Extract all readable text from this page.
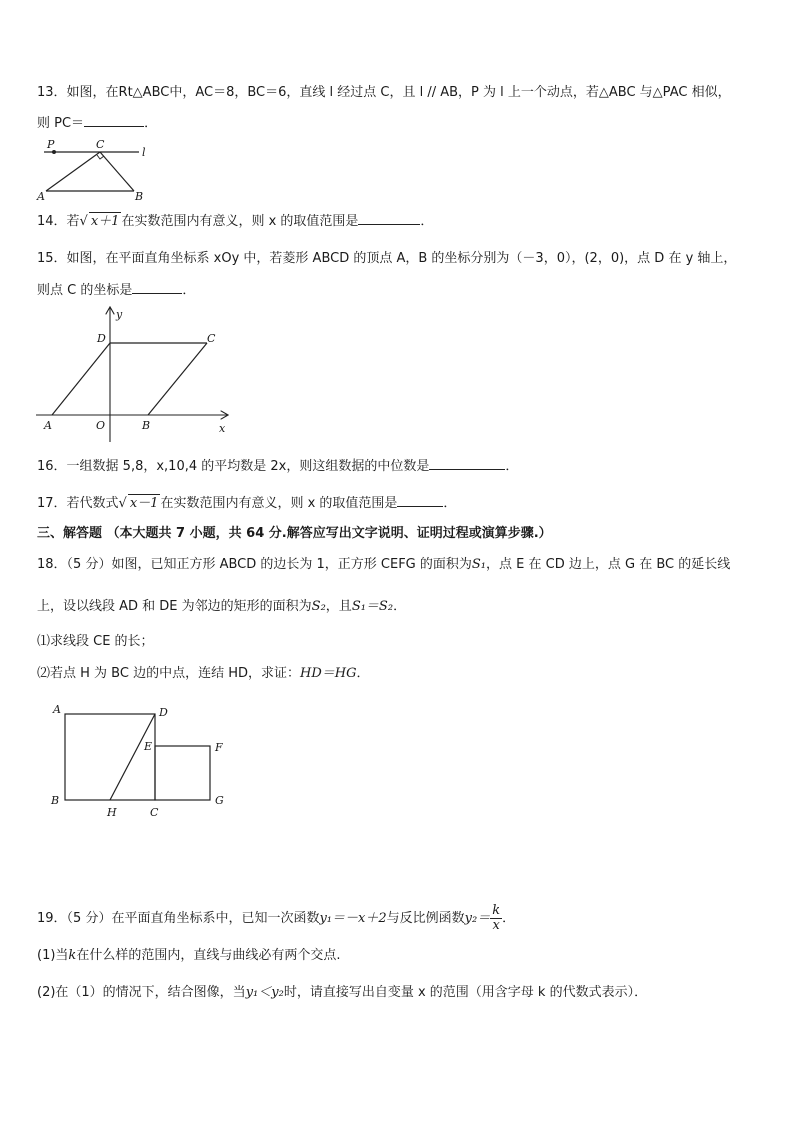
13．如图，在Rt△ABC中，AC＝8，BC＝6，直线 l 经过点 C，且 l // AB，P 为 l 上一个动点，若△ABC 与△PAC 相似，
则 PC＝	．
P	C
l
A	B
14．若√ x＋1 在实数范围内有意义，则 x 的取值范围是	．
15．如图，在平面直角坐标系 xOy 中，若菱形 ABCD 的顶点 A，B 的坐标分别为（－3，0），(2，0)，点 D 在 y 轴上，
则点 C 的坐标是	．
y
D	C
A	O	B	x
16．一组数据 5,8，x,10,4 的平均数是 2x，则这组数据的中位数是	．
17．若代数式√ x－1 在实数范围内有意义，则 x 的取值范围是	．
三、解答题 （本大题共 7 小题，共 64 分.解答应写出文字说明、证明过程或演算步骤.）
18．（5 分）如图，已知正方形 ABCD 的边长为 1，正方形 CEFG 的面积为S₁，点 E 在 CD 边上，点 G 在 BC 的延长线
上，设以线段 AD 和 DE 为邻边的矩形的面积为S₂，且S₁＝S₂．
⑴求线段 CE 的长；
⑵若点 H 为 BC 边的中点，连结 HD，求证：HD＝HG．
A	D
E	F
B
H	C
G
19．（5 分）在平面直角坐标系中，已知一次函数y₁＝－x＋2与反比例函数$y_2= \frac{k}{x}$ ．
(1)当k在什么样的范围内，直线与曲线必有两个交点.
(2)在（1）的情况下，结合图像，当y₁＜y₂时，请直接写出自变量 x 的范围（用含字母 k 的代数式表示）．
